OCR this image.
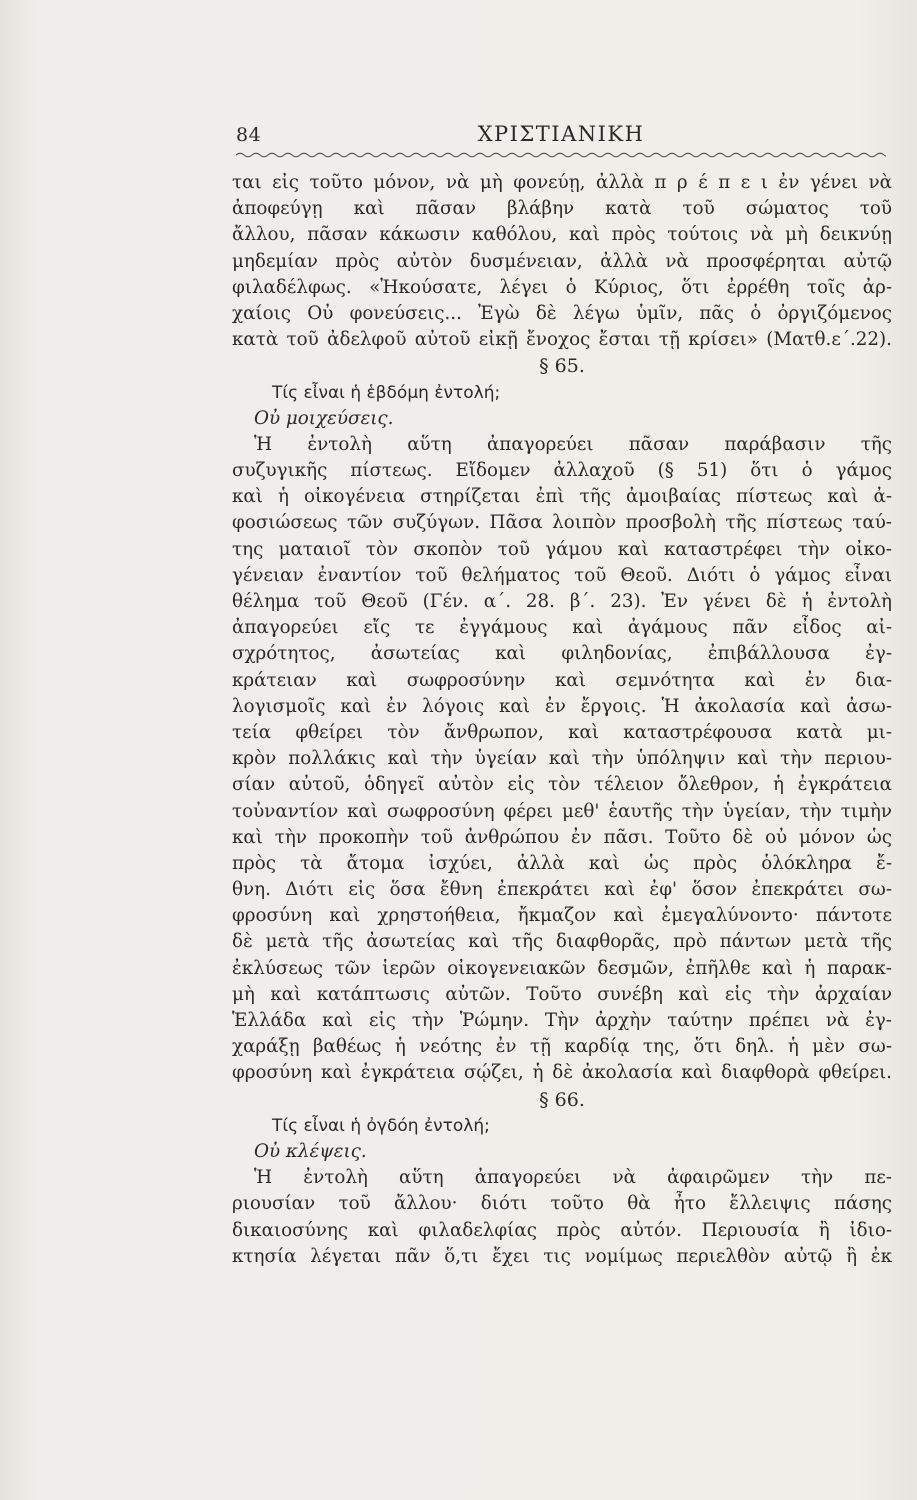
84	ΧΡΙΣΤΙΑΝΙΚΗ
ται εἰς τοῦτο μόνον, νὰ μὴ φονεύῃ, ἀλλὰ π ρ έ π ε ι ἐν γένει νὰ
ἀποφεύγῃ καὶ πᾶσαν βλάβην κατὰ τοῦ σώματος τοῦ
ἄλλου, πᾶσαν κάκωσιν καθόλου, καὶ πρὸς τούτοις νὰ μὴ δεικνύῃ
μηδεμίαν πρὸς αὐτὸν δυσμένειαν, ἀλλὰ νὰ προσφέρηται αὐτῷ
φιλαδέλφως. «Ἠκούσατε, λέγει ὁ Κύριος, ὅτι ἐρρέθη τοῖς ἀρ-
χαίοις Οὐ φονεύσεις... Ἐγὼ δὲ λέγω ὑμῖν, πᾶς ὁ ὀργιζόμενος
κατὰ τοῦ ἀδελφοῦ αὐτοῦ εἰκῇ ἔνοχος ἔσται τῇ κρίσει» (Ματθ.ε΄.22).
§ 65.
Τίς εἶναι ἡ ἑβδόμη ἐντολή;
Οὐ μοιχεύσεις.
Ἡ ἐντολὴ αὕτη ἀπαγορεύει πᾶσαν παράβασιν τῆς
συζυγικῆς πίστεως. Εἴδομεν ἀλλαχοῦ (§ 51) ὅτι ὁ γάμος
καὶ ἡ οἰκογένεια στηρίζεται ἐπὶ τῆς ἀμοιβαίας πίστεως καὶ ἀ-
φοσιώσεως τῶν συζύγων. Πᾶσα λοιπὸν προσβολὴ τῆς πίστεως ταύ-
της ματαιοῖ τὸν σκοπὸν τοῦ γάμου καὶ καταστρέφει τὴν οἰκο-
γένειαν ἐναντίον τοῦ θελήματος τοῦ Θεοῦ. Διότι ὁ γάμος εἶναι
θέλημα τοῦ Θεοῦ (Γέν. α΄. 28. β΄. 23). Ἐν γένει δὲ ἡ ἐντολὴ
ἀπαγορεύει εἴς τε ἐγγάμους καὶ ἀγάμους πᾶν εἶδος αἰ-
σχρότητος, ἀσωτείας καὶ φιληδονίας, ἐπιβάλλουσα ἐγ-
κράτειαν καὶ σωφροσύνην καὶ σεμνότητα καὶ ἐν δια-
λογισμοῖς καὶ ἐν λόγοις καὶ ἐν ἔργοις. Ἡ ἀκολασία καὶ ἀσω-
τεία φθείρει τὸν ἄνθρωπον, καὶ καταστρέφουσα κατὰ μι-
κρὸν πολλάκις καὶ τὴν ὑγείαν καὶ τὴν ὑπόληψιν καὶ τὴν περιου-
σίαν αὐτοῦ, ὁδηγεῖ αὐτὸν εἰς τὸν τέλειον ὄλεθρον, ἡ ἐγκράτεια
τοὐναντίον καὶ σωφροσύνη φέρει μεθ' ἑαυτῆς τὴν ὑγείαν, τὴν τιμὴν
καὶ τὴν προκοπὴν τοῦ ἀνθρώπου ἐν πᾶσι. Τοῦτο δὲ οὐ μόνον ὡς
πρὸς τὰ ἄτομα ἰσχύει, ἀλλὰ καὶ ὡς πρὸς ὁλόκληρα ἔ-
θνη. Διότι εἰς ὅσα ἔθνη ἐπεκράτει καὶ ἐφ' ὅσον ἐπεκράτει σω-
φροσύνη καὶ χρηστοήθεια, ἤκμαζον καὶ ἐμεγαλύνοντο· πάντοτε
δὲ μετὰ τῆς ἀσωτείας καὶ τῆς διαφθορᾶς, πρὸ πάντων μετὰ τῆς
ἐκλύσεως τῶν ἱερῶν οἰκογενειακῶν δεσμῶν, ἐπῆλθε καὶ ἡ παρακ-
μὴ καὶ κατάπτωσις αὐτῶν. Τοῦτο συνέβη καὶ εἰς τὴν ἀρχαίαν
Ἑλλάδα καὶ εἰς τὴν Ῥώμην. Τὴν ἀρχὴν ταύτην πρέπει νὰ ἐγ-
χαράξῃ βαθέως ἡ νεότης ἐν τῇ καρδίᾳ της, ὅτι δηλ. ἡ μὲν σω-
φροσύνη καὶ ἐγκράτεια σῴζει, ἡ δὲ ἀκολασία καὶ διαφθορὰ φθείρει.
§ 66.
Τίς εἶναι ἡ ὀγδόη ἐντολή;
Οὐ κλέψεις.
Ἡ ἐντολὴ αὕτη ἀπαγορεύει νὰ ἀφαιρῶμεν τὴν πε-
ριουσίαν τοῦ ἄλλου· διότι τοῦτο θὰ ἦτο ἔλλειψις πάσης
δικαιοσύνης καὶ φιλαδελφίας πρὸς αὐτόν. Περιουσία ἢ ἰδιο-
κτησία λέγεται πᾶν ὅ,τι ἔχει τις νομίμως περιελθὸν αὐτῷ ἢ ἐκ
